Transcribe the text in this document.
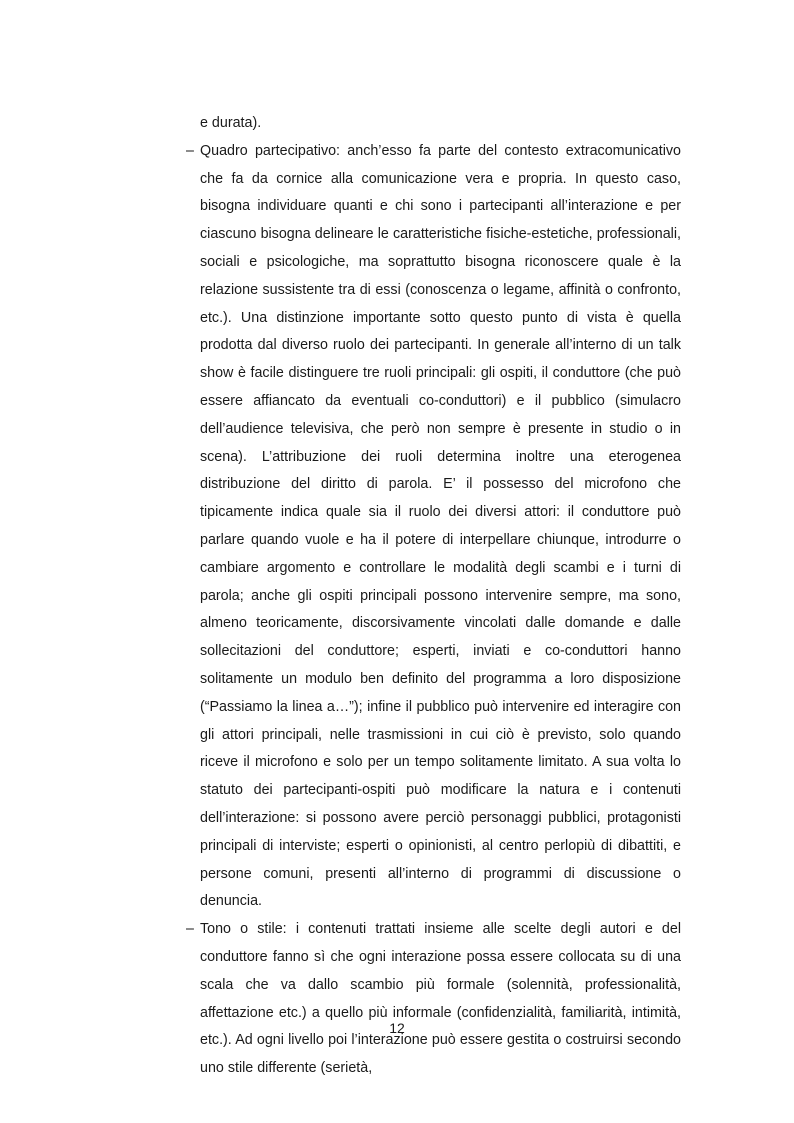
e durata).

– Quadro partecipativo: anch’esso fa parte del contesto extracomunicativo che fa da cornice alla comunicazione vera e propria. In questo caso, bisogna individuare quanti e chi sono i partecipanti all’interazione e per ciascuno bisogna delineare le caratteristiche fisiche-estetiche, professionali, sociali e psicologiche, ma soprattutto bisogna riconoscere quale è la relazione sussistente tra di essi (conoscenza o legame, affinità o confronto, etc.). Una distinzione importante sotto questo punto di vista è quella prodotta dal diverso ruolo dei partecipanti. In generale all’interno di un talk show è facile distinguere tre ruoli principali: gli ospiti, il conduttore (che può essere affiancato da eventuali co-conduttori) e il pubblico (simulacro dell’audience televisiva, che però non sempre è presente in studio o in scena). L’attribuzione dei ruoli determina inoltre una eterogenea distribuzione del diritto di parola. E’ il possesso del microfono che tipicamente indica quale sia il ruolo dei diversi attori: il conduttore può parlare quando vuole e ha il potere di interpellare chiunque, introdurre o cambiare argomento e controllare le modalità degli scambi e i turni di parola; anche gli ospiti principali possono intervenire sempre, ma sono, almeno teoricamente, discorsivamente vincolati dalle domande e dalle sollecitazioni del conduttore; esperti, inviati e co-conduttori hanno solitamente un modulo ben definito del programma a loro disposizione (“Passiamo la linea a…”); infine il pubblico può intervenire ed interagire con gli attori principali, nelle trasmissioni in cui ciò è previsto, solo quando riceve il microfono e solo per un tempo solitamente limitato. A sua volta lo statuto dei partecipanti-ospiti può modificare la natura e i contenuti dell’interazione: si possono avere perciò personaggi pubblici, protagonisti principali di interviste; esperti o opinionisti, al centro perlopiù di dibattiti, e persone comuni, presenti all’interno di programmi di discussione o denuncia.
– Tono o stile: i contenuti trattati insieme alle scelte degli autori e del conduttore fanno sì che ogni interazione possa essere collocata su di una scala che va dallo scambio più formale (solennità, professionalità, affettazione etc.) a quello più informale (confidenzialità, familiarità, intimità, etc.). Ad ogni livello poi l’interazione può essere gestita o costruirsi secondo uno stile differente (serietà,
12
